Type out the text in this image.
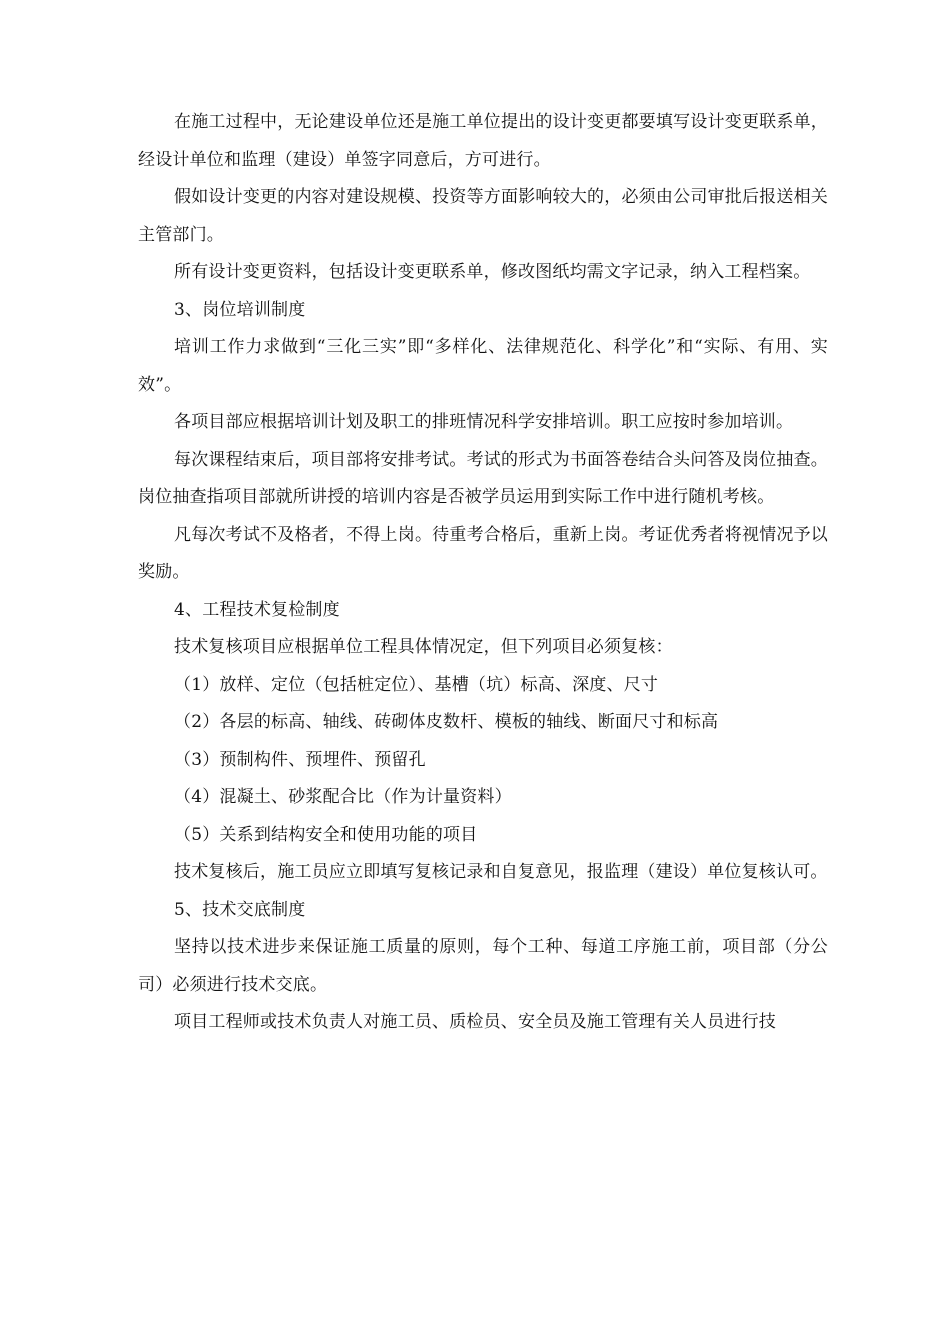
在施工过程中，无论建设单位还是施工单位提出的设计变更都要填写设计变更联系单，经设计单位和监理（建设）单签字同意后，方可进行。

假如设计变更的内容对建设规模、投资等方面影响较大的，必须由公司审批后报送相关主管部门。

所有设计变更资料，包括设计变更联系单，修改图纸均需文字记录，纳入工程档案。

3、岗位培训制度

培训工作力求做到“三化三实”即“多样化、法律规范化、科学化”和“实际、有用、实效”。

各项目部应根据培训计划及职工的排班情况科学安排培训。职工应按时参加培训。

每次课程结束后，项目部将安排考试。考试的形式为书面答卷结合头问答及岗位抽查。岗位抽查指项目部就所讲授的培训内容是否被学员运用到实际工作中进行随机考核。

凡每次考试不及格者，不得上岗。待重考合格后，重新上岗。考证优秀者将视情况予以奖励。

4、工程技术复检制度

技术复核项目应根据单位工程具体情况定，但下列项目必须复核：

（1）放样、定位（包括桩定位）、基槽（坑）标高、深度、尺寸

（2）各层的标高、轴线、砖砌体皮数杆、模板的轴线、断面尺寸和标高

（3）预制构件、预埋件、预留孔

（4）混凝土、砂浆配合比（作为计量资料）

（5）关系到结构安全和使用功能的项目

技术复核后，施工员应立即填写复核记录和自复意见，报监理（建设）单位复核认可。

5、技术交底制度

坚持以技术进步来保证施工质量的原则，每个工种、每道工序施工前，项目部（分公司）必须进行技术交底。

项目工程师或技术负责人对施工员、质检员、安全员及施工管理有关人员进行技
